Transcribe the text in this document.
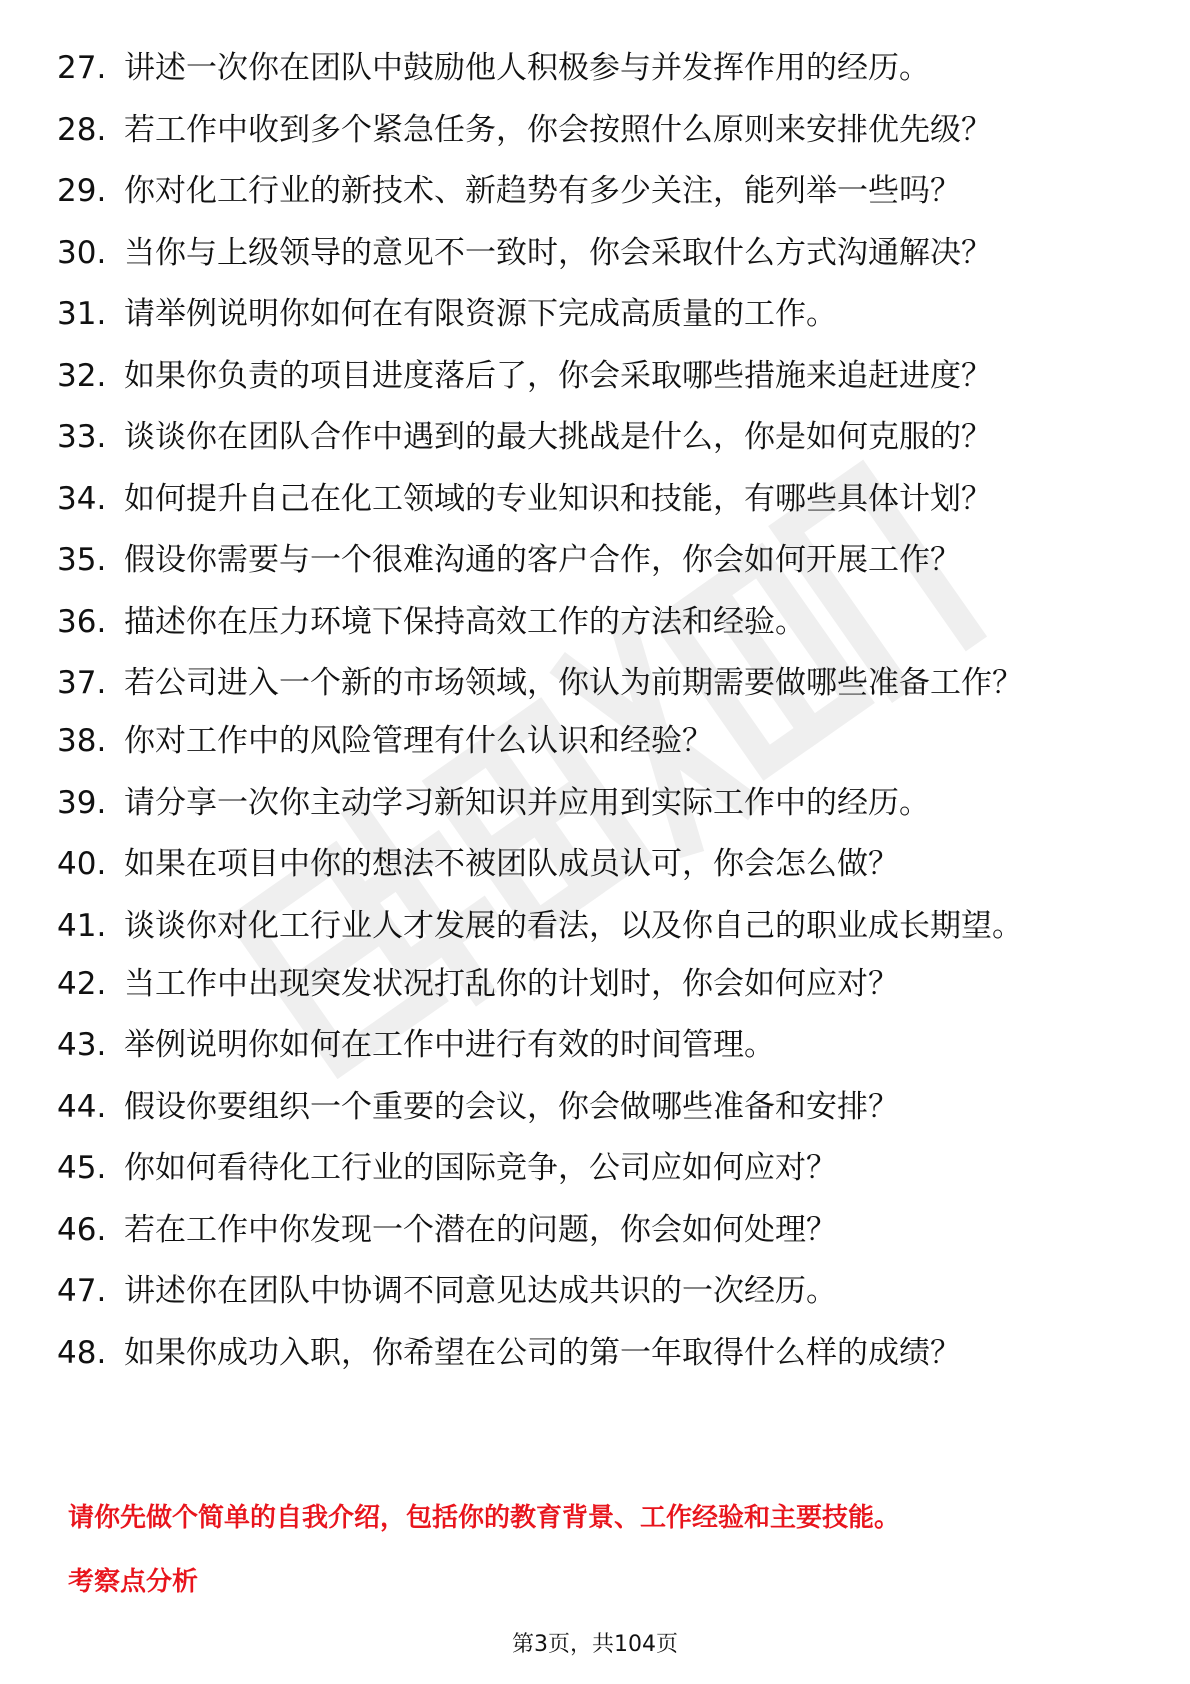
27. 讲述一次你在团队中鼓励他人积极参与并发挥作用的经历。
28. 若工作中收到多个紧急任务，你会按照什么原则来安排优先级？
29. 你对化工行业的新技术、新趋势有多少关注，能列举一些吗？
30. 当你与上级领导的意见不一致时，你会采取什么方式沟通解决？
31. 请举例说明你如何在有限资源下完成高质量的工作。
32. 如果你负责的项目进度落后了，你会采取哪些措施来追赶进度？
33. 谈谈你在团队合作中遇到的最大挑战是什么，你是如何克服的？
34. 如何提升自己在化工领域的专业知识和技能，有哪些具体计划？
35. 假设你需要与一个很难沟通的客户合作，你会如何开展工作？
36. 描述你在压力环境下保持高效工作的方法和经验。
37. 若公司进入一个新的市场领域，你认为前期需要做哪些准备工作？
38. 你对工作中的风险管理有什么认识和经验？
39. 请分享一次你主动学习新知识并应用到实际工作中的经历。
40. 如果在项目中你的想法不被团队成员认可，你会怎么做？
41. 谈谈你对化工行业人才发展的看法，以及你自己的职业成长期望。
42. 当工作中出现突发状况打乱你的计划时，你会如何应对？
43. 举例说明你如何在工作中进行有效的时间管理。
44. 假设你要组织一个重要的会议，你会做哪些准备和安排？
45. 你如何看待化工行业的国际竞争，公司应如何应对？
46. 若在工作中你发现一个潜在的问题，你会如何处理？
47. 讲述你在团队中协调不同意见达成共识的一次经历。
48. 如果你成功入职，你希望在公司的第一年取得什么样的成绩？
请你先做个简单的自我介绍，包括你的教育背景、工作经验和主要技能。
考察点分析
第3页，共104页
